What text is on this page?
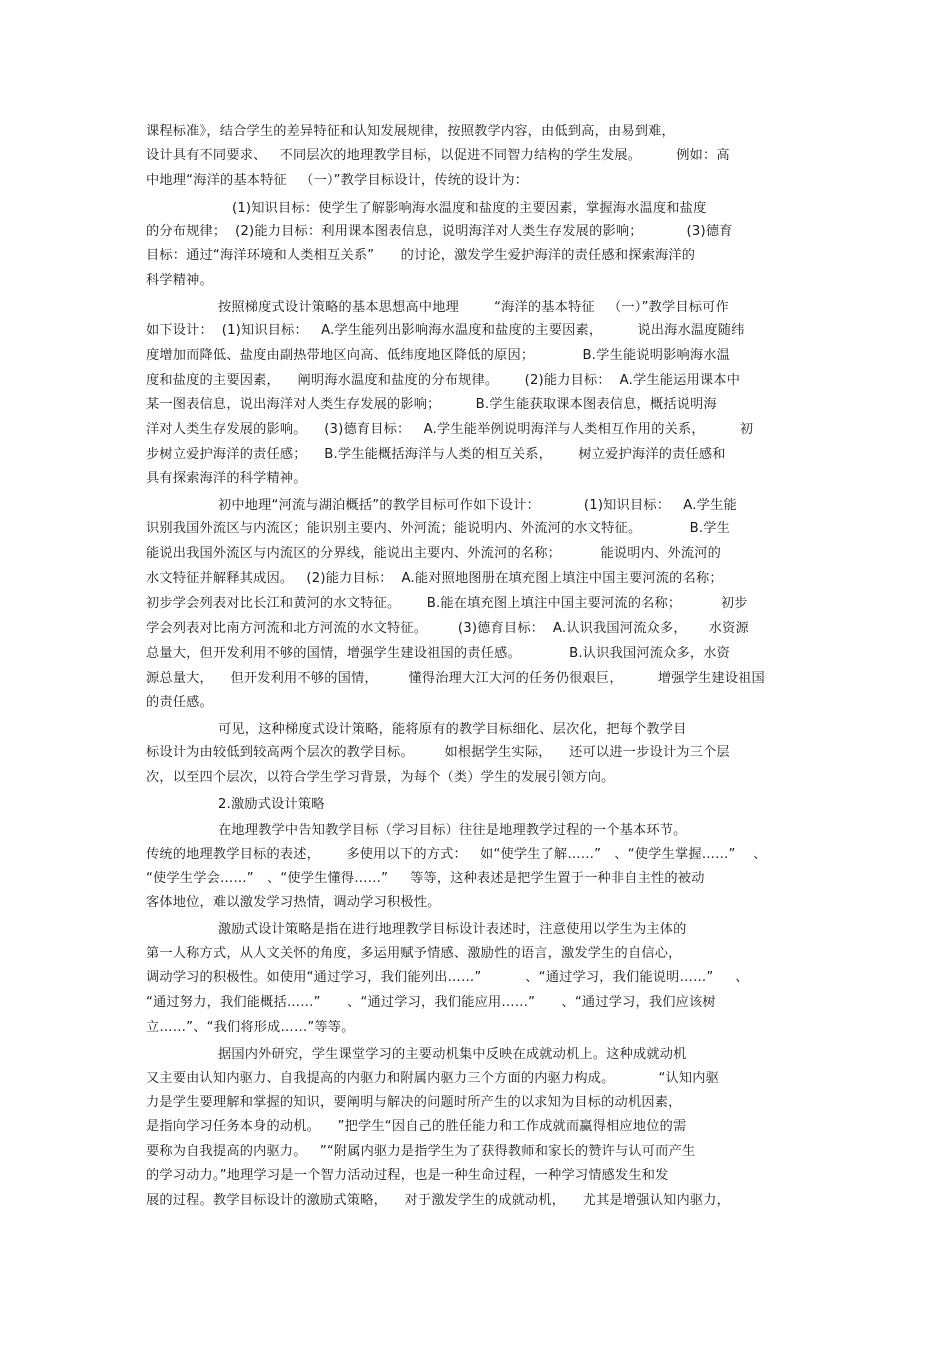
课程标准》，结合学生的差异特征和认知发展规律，按照教学内容，由低到高，由易到难，
设计具有不同要求、   不同层次的地理教学目标，以促进不同智力结构的学生发展。        例如：高
中地理“海洋的基本特征   （一）”教学目标设计，传统的设计为：
(1)知识目标：使学生了解影响海水温度和盐度的主要因素，掌握海水温度和盐度
的分布规律；  (2)能力目标：利用课本图表信息，说明海洋对人类生存发展的影响；          (3)德育
目标：通过“海洋环境和人类相互关系”      的讨论，激发学生爱护海洋的责任感和探索海洋的
科学精神。
按照梯度式设计策略的基本思想高中地理        “海洋的基本特征   （一）”教学目标可作
如下设计：  (1)知识目标：   A.学生能列出影响海水温度和盐度的主要因素，        说出海水温度随纬
度增加而降低、盐度由副热带地区向高、低纬度地区降低的原因；           B.学生能说明影响海水温
度和盐度的主要因素，    阐明海水温度和盐度的分布规律。      (2)能力目标：  A.学生能运用课本中
某一图表信息，说出海洋对人类生存发展的影响；        B.学生能获取课本图表信息，概括说明海
洋对人类生存发展的影响。    (3)德育目标：   A.学生能举例说明海洋与人类相互作用的关系，        初
步树立爱护海洋的责任感；    B.学生能概括海洋与人类的相互关系，      树立爱护海洋的责任感和
具有探索海洋的科学精神。
初中地理“河流与湖泊概括”的教学目标可作如下设计：          (1)知识目标：   A.学生能
识别我国外流区与内流区；能识别主要内、外河流；能说明内、外流河的水文特征。           B.学生
能说出我国外流区与内流区的分界线，能说出主要内、外流河的名称；         能说明内、外流河的
水文特征并解释其成因。   (2)能力目标：  A.能对照地图册在填充图上填注中国主要河流的名称；
初步学会列表对比长江和黄河的水文特征。      B.能在填充图上填注中国主要河流的名称；         初步
学会列表对比南方河流和北方河流的水文特征。       (3)德育目标：  A.认识我国河流众多，     水资源
总量大，但开发利用不够的国情，增强学生建设祖国的责任感。           B.认识我国河流众多，水资
源总量大，    但开发利用不够的国情，       懂得治理大江大河的任务仍很艰巨，        增强学生建设祖国
的责任感。
可见，这种梯度式设计策略，能将原有的教学目标细化、层次化，把每个教学目
标设计为由较低到较高两个层次的教学目标。       如根据学生实际，    还可以进一步设计为三个层
次，以至四个层次，以符合学生学习背景，为每个（类）学生的发展引领方向。
2.激励式设计策略
在地理教学中告知教学目标（学习目标）往往是地理教学过程的一个基本环节。
传统的地理教学目标的表述，      多使用以下的方式：   如“使学生了解……”   、“使学生掌握……”    、
“使学生学会……”   、“使学生懂得……”     等等，这种表述是把学生置于一种非自主性的被动
客体地位，难以激发学习热情，调动学习积极性。
激励式设计策略是指在进行地理教学目标设计表述时，注意使用以学生为主体的
第一人称方式，从人文关怀的角度，多运用赋予情感、激励性的语言，激发学生的自信心，
调动学习的积极性。如使用“通过学习，我们能列出……”          、“通过学习，我们能说明……”     、
“通过努力，我们能概括……”      、“通过学习，我们能应用……”      、“通过学习，我们应该树
立……”、“我们将形成……”等等。
据国内外研究，学生课堂学习的主要动机集中反映在成就动机上。这种成就动机
又主要由认知内驱力、自我提高的内驱力和附属内驱力三个方面的内驱力构成。          “认知内驱
力是学生要理解和掌握的知识，要阐明与解决的问题时所产生的以求知为目标的动机因素，
是指向学习任务本身的动机。    ”把学生“因自己的胜任能力和工作成就而赢得相应地位的需
要称为自我提高的内驱力。   ”“附属内驱力是指学生为了获得教师和家长的赞许与认可而产生
的学习动力。”地理学习是一个智力活动过程，也是一种生命过程，一种学习情感发生和发
展的过程。教学目标设计的激励式策略，    对于激发学生的成就动机，    尤其是增强认知内驱力，
